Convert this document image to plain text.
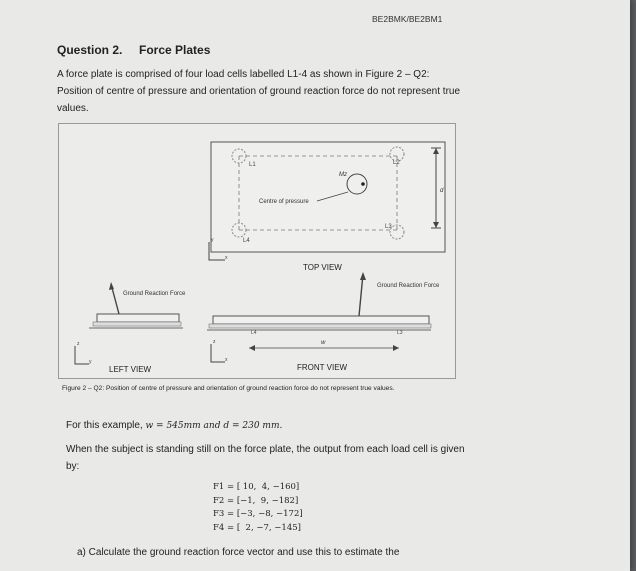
BE2BMK/BE2BM1
Question 2. Force Plates
A force plate is comprised of four load cells labelled L1-4 as shown in Figure 2 – Q2: Position of centre of pressure and orientation of ground reaction force do not represent true values.
L1	L2
L4
L3
Centre of pressure
Mz
d
TOP VIEW
y
x
Ground Reaction Force
z
y
LEFT VIEW
Ground Reaction Force
L4	L3
w
z
x
FRONT VIEW
Figure 2 – Q2: Position of centre of pressure and orientation of ground reaction force do not represent true values.
For this example, w = 545mm and d = 230 mm.
When the subject is standing still on the force plate, the output from each load cell is given by:
F1 = [ 10,  4, −160]
F2 = [−1,  9, −182]
F3 = [−3, −8, −172]
F4 = [  2, −7, −145]
a) Calculate the ground reaction force vector and use this to estimate the
